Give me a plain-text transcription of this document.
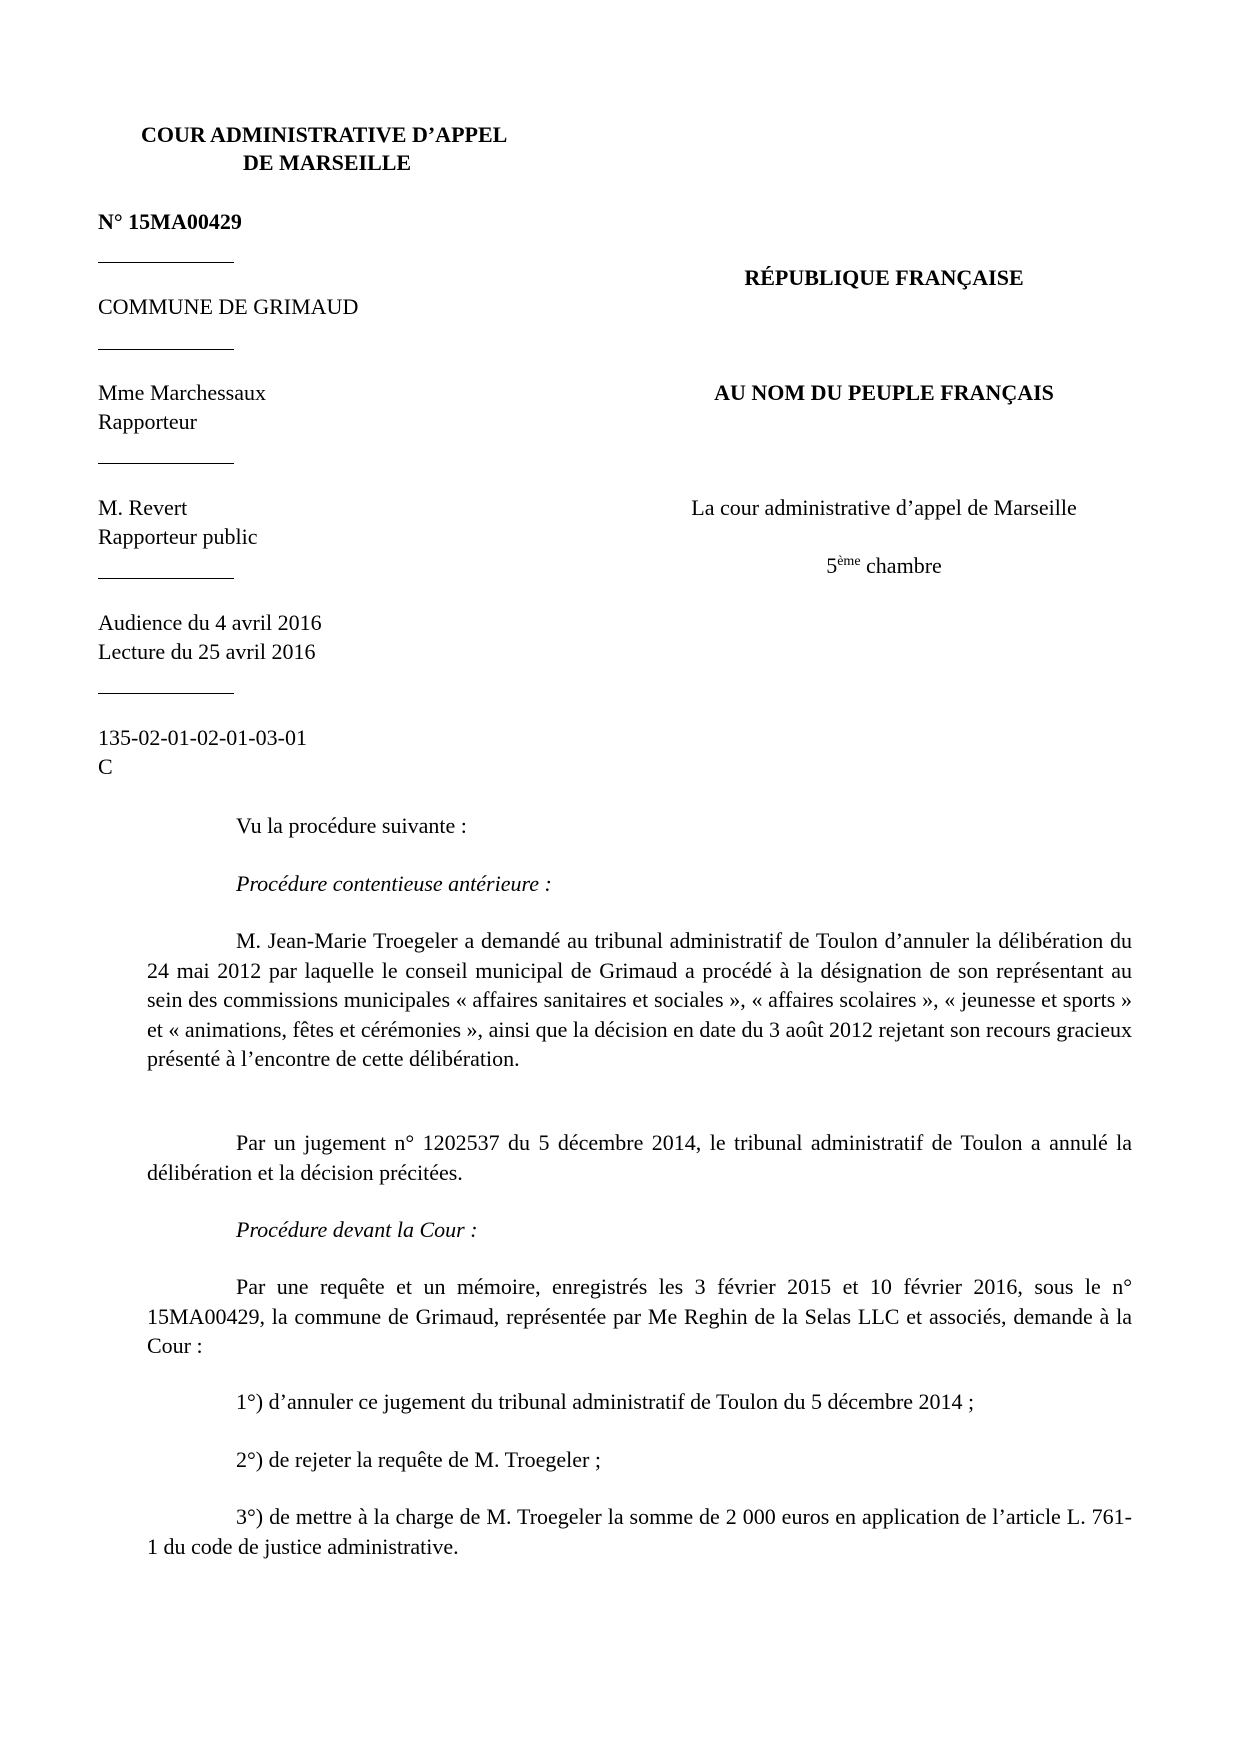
COUR ADMINISTRATIVE D’APPEL
DE MARSEILLE
N° 15MA00429
COMMUNE DE GRIMAUD
Mme Marchessaux
Rapporteur
M. Revert
Rapporteur public
Audience du 4 avril 2016
Lecture du 25 avril 2016
135-02-01-02-01-03-01
C
RÉPUBLIQUE FRANÇAISE
AU NOM DU PEUPLE FRANÇAIS
La cour administrative d’appel de Marseille
5ème chambre
Vu la procédure suivante :
Procédure contentieuse antérieure :
M. Jean-Marie Troegeler a demandé au tribunal administratif de Toulon d’annuler la délibération du 24 mai 2012 par laquelle le conseil municipal de Grimaud a procédé à la désignation de son représentant au sein des commissions municipales « affaires sanitaires et sociales », « affaires scolaires », « jeunesse et sports » et « animations, fêtes et cérémonies », ainsi que la décision en date du 3 août 2012 rejetant son recours gracieux présenté à l’encontre de cette délibération.
Par un jugement n° 1202537 du 5 décembre 2014, le tribunal administratif de Toulon a annulé la délibération et la décision précitées.
Procédure devant la Cour :
Par une requête et un mémoire, enregistrés les 3 février 2015 et 10 février 2016, sous le n° 15MA00429, la commune de Grimaud, représentée par Me Reghin de la Selas LLC et associés, demande à la Cour :
1°) d’annuler ce jugement du tribunal administratif de Toulon du 5 décembre 2014 ;
2°) de rejeter la requête de M. Troegeler ;
3°) de mettre à la charge de M. Troegeler la somme de 2 000 euros en application de l’article L. 761-1 du code de justice administrative.
